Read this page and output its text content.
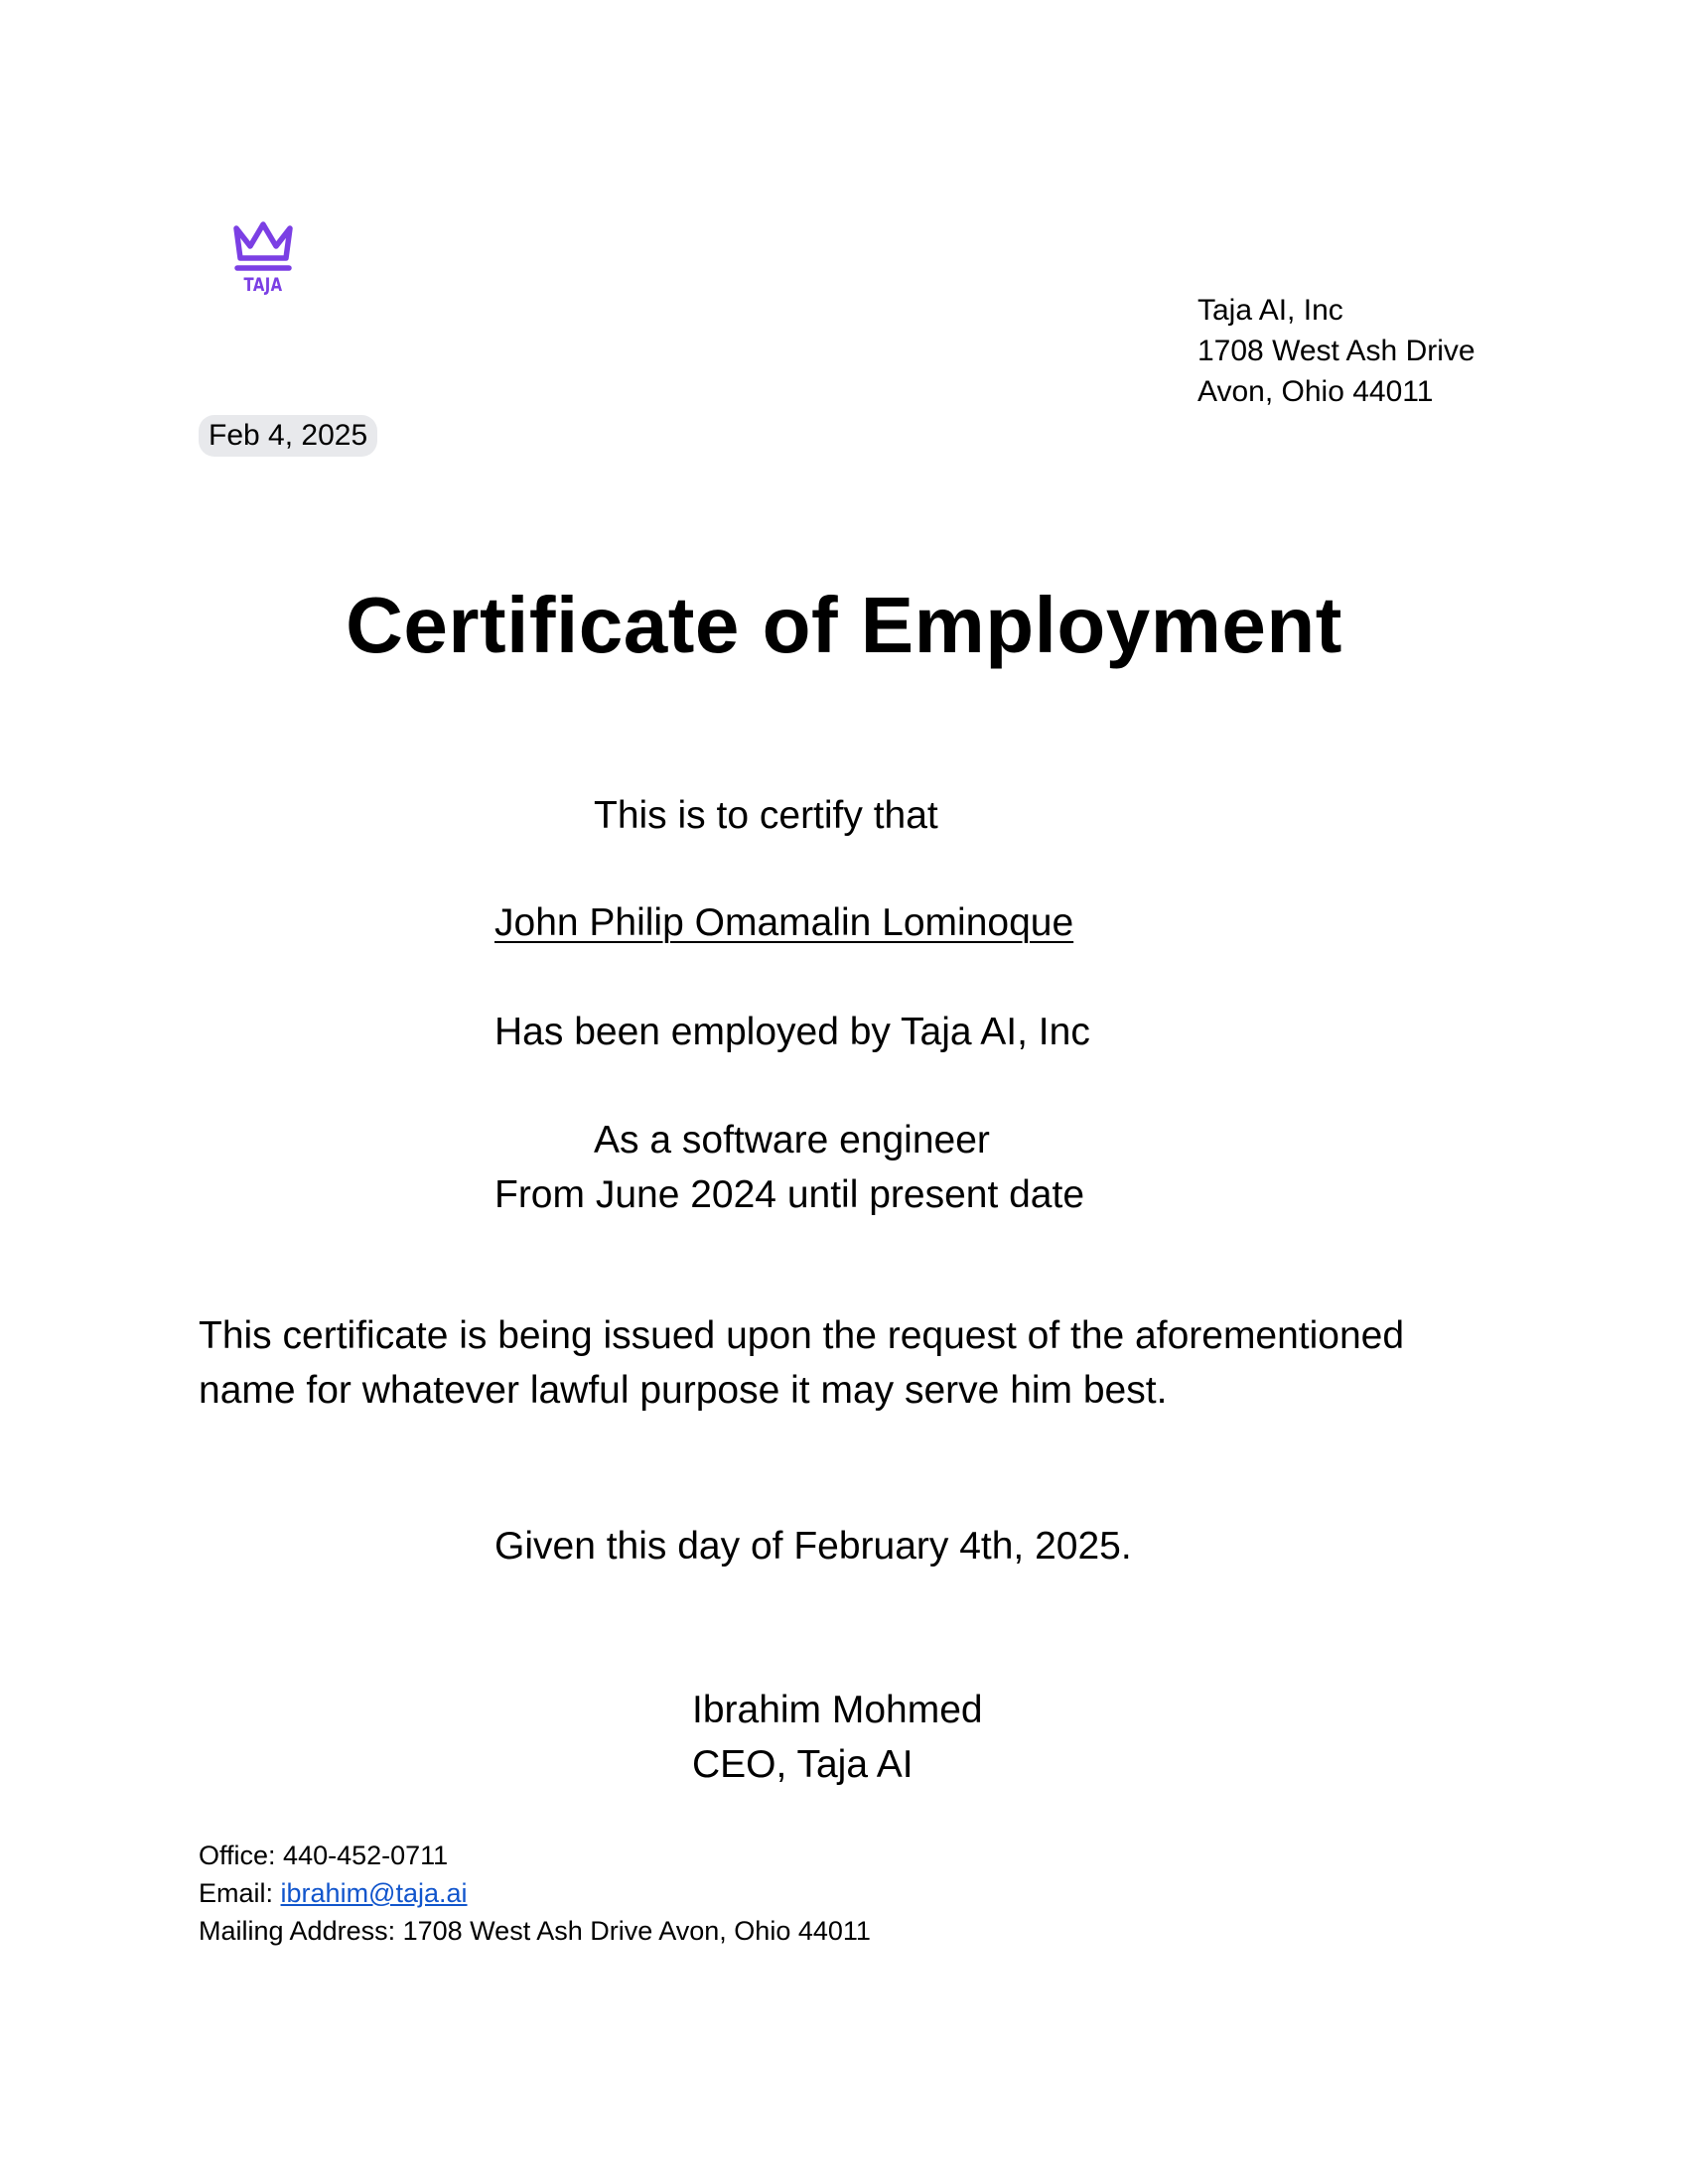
TAJA
Taja AI, Inc
1708 West Ash Drive
Avon, Ohio 44011
Feb 4, 2025
Certificate of Employment
This is to certify that
John Philip Omamalin Lominoque
Has been employed by Taja AI, Inc
As a software engineer
From June 2024 until present date
This certificate is being issued upon the request of the aforementioned name for whatever lawful purpose it may serve him best.
Given this day of February 4th, 2025.
Ibrahim Mohmed
CEO, Taja AI
Office: 440-452-0711
Email: ibrahim@taja.ai
Mailing Address: 1708 West Ash Drive Avon, Ohio 44011
